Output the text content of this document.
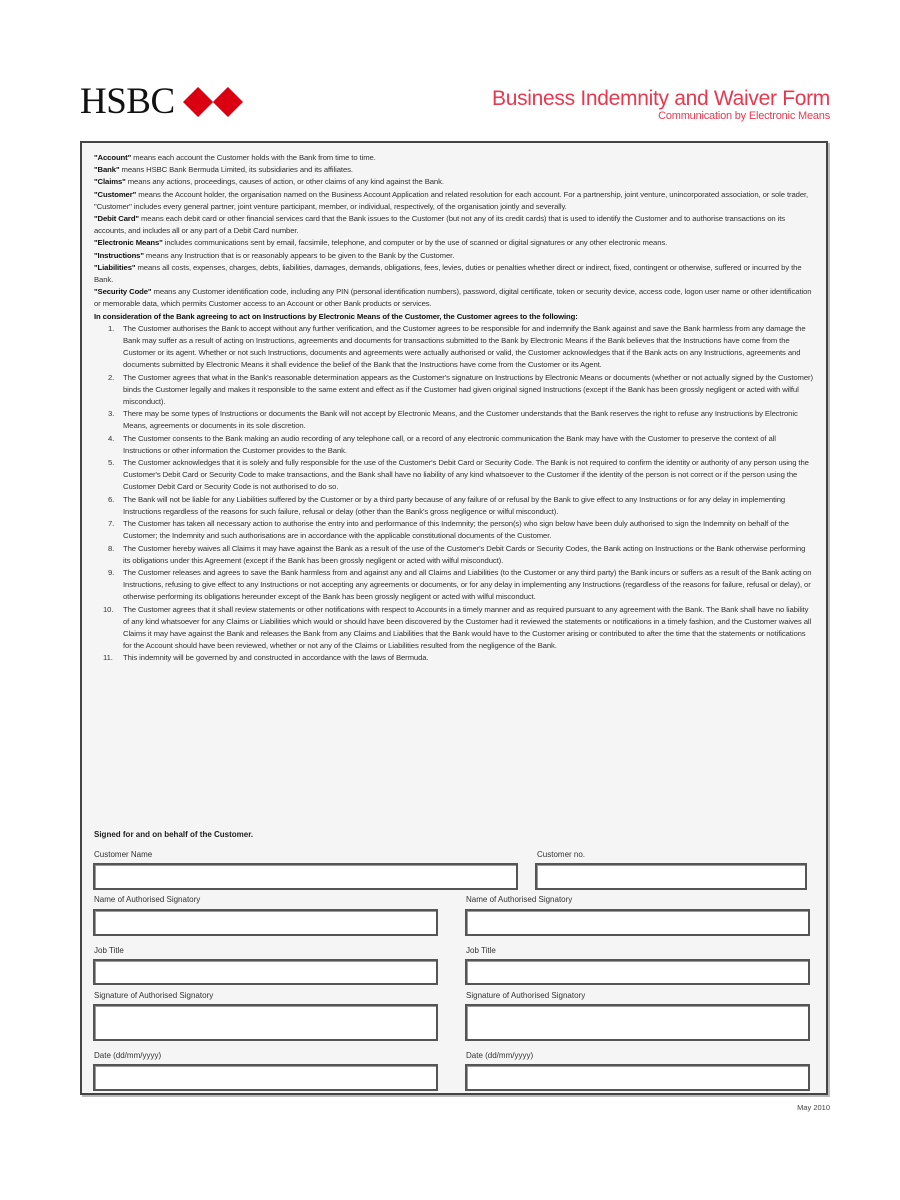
HSBC	Business Indemnity and Waiver Form
Communication by Electronic Means

"Account" means each account the Customer holds with the Bank from time to time.

"Bank" means HSBC Bank Bermuda Limited, its subsidiaries and its affiliates.

"Claims" means any actions, proceedings, causes of action, or other claims of any kind against the Bank.

"Customer" means the Account holder, the organisation named on the Business Account Application and related resolution for each account. For a partnership, joint venture, unincorporated association, or sole trader, "Customer" includes every general partner, joint venture participant, member, or individual, respectively, of the organisation jointly and severally.

"Debit Card" means each debit card or other financial services card that the Bank issues to the Customer (but not any of its credit cards) that is used to identify the Customer and to authorise transactions on its accounts, and includes all or any part of a Debit Card number.

"Electronic Means" includes communications sent by email, facsimile, telephone, and computer or by the use of scanned or digital signatures or any other electronic means.

"Instructions" means any Instruction that is or reasonably appears to be given to the Bank by the Customer.

"Liabilities" means all costs, expenses, charges, debts, liabilities, damages, demands, obligations, fees, levies, duties or penalties whether direct or indirect, fixed, contingent or otherwise, suffered or incurred by the Bank.

"Security Code" means any Customer identification code, including any PIN (personal identification numbers), password, digital certificate, token or security device, access code, logon user name or other identification or memorable data, which permits Customer access to an Account or other Bank products or services.

In consideration of the Bank agreeing to act on Instructions by Electronic Means of the Customer, the Customer agrees to the following:

1. The Customer authorises the Bank to accept without any further verification, and the Customer agrees to be responsible for and indemnify the Bank against and save the Bank harmless from any damage the Bank may suffer as a result of acting on Instructions, agreements and documents for transactions submitted to the Bank by Electronic Means if the Bank believes that the Instructions have come from the Customer or its agent. Whether or not such Instructions, documents and agreements were actually authorised or valid, the Customer acknowledges that if the Bank acts on any Instructions, agreements and documents submitted by Electronic Means it shall evidence the belief of the Bank that the Instructions have come from the Customer or its Agent.
2. The Customer agrees that what in the Bank's reasonable determination appears as the Customer's signature on Instructions by Electronic Means or documents (whether or not actually signed by the Customer) binds the Customer legally and makes it responsible to the same extent and effect as if the Customer had given original signed Instructions (except if the Bank has been grossly negligent or acted with wilful misconduct).
3. There may be some types of Instructions or documents the Bank will not accept by Electronic Means, and the Customer understands that the Bank reserves the right to refuse any Instructions by Electronic Means, agreements or documents in its sole discretion.
4. The Customer consents to the Bank making an audio recording of any telephone call, or a record of any electronic communication the Bank may have with the Customer to preserve the context of all Instructions or other information the Customer provides to the Bank.
5. The Customer acknowledges that it is solely and fully responsible for the use of the Customer's Debit Card or Security Code. The Bank is not required to confirm the identity or authority of any person using the Customer's Debit Card or Security Code to make transactions, and the Bank shall have no liability of any kind whatsoever to the Customer if the identity of the person is not correct or if the person using the Customer Debit Card or Security Code is not authorised to do so.
6. The Bank will not be liable for any Liabilities suffered by the Customer or by a third party because of any failure of or refusal by the Bank to give effect to any Instructions or for any delay in implementing Instructions regardless of the reasons for such failure, refusal or delay (other than the Bank's gross negligence or wilful misconduct).
7. The Customer has taken all necessary action to authorise the entry into and performance of this Indemnity; the person(s) who sign below have been duly authorised to sign the Indemnity on behalf of the Customer; the Indemnity and such authorisations are in accordance with the applicable constitutional documents of the Customer.
8. The Customer hereby waives all Claims it may have against the Bank as a result of the use of the Customer's Debit Cards or Security Codes, the Bank acting on Instructions or the Bank otherwise performing its obligations under this Agreement (except if the Bank has been grossly negligent or acted with wilful misconduct).
9. The Customer releases and agrees to save the Bank harmless from and against any and all Claims and Liabilities (to the Customer or any third party) the Bank incurs or suffers as a result of the Bank acting on Instructions, refusing to give effect to any Instructions or not accepting any agreements or documents, or for any delay in implementing any Instructions (regardless of the reasons for failure, refusal or delay), or otherwise performing its obligations hereunder except of the Bank has been grossly negligent or acted with wilful misconduct.
10. The Customer agrees that it shall review statements or other notifications with respect to Accounts in a timely manner and as required pursuant to any agreement with the Bank. The Bank shall have no liability of any kind whatsoever for any Claims or Liabilities which would or should have been discovered by the Customer had it reviewed the statements or notifications in a timely fashion, and the Customer waives all Claims it may have against the Bank and releases the Bank from any Claims and Liabilities that the Bank would have to the Customer arising or contributed to after the time that the statements or notifications for the Account should have been reviewed, whether or not any of the Claims or Liabilities resulted from the negligence of the Bank.
11. This indemnity will be governed by and constructed in accordance with the laws of Bermuda.
Signed for and on behalf of the Customer.
Customer Name	Customer no.
Name of Authorised Signatory	Name of Authorised Signatory
Job Title	Job Title
Signature of Authorised Signatory	Signature of Authorised Signatory
Date (dd/mm/yyyy)	Date (dd/mm/yyyy)
May 2010
